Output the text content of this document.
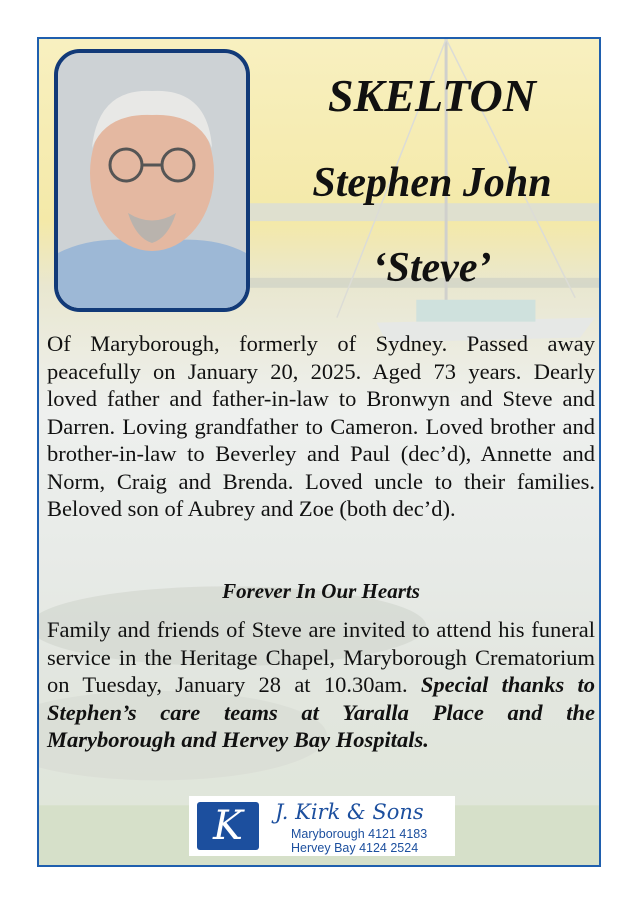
SKELTON
Stephen John
‘Steve’

Of Maryborough, formerly of Sydney. Passed away peacefully on January 20, 2025. Aged 73 years. Dearly loved father and father-in-law to Bronwyn and Steve and Darren. Loving grandfather to Cameron. Loved brother and brother-in-law to Beverley and Paul (dec’d), Annette and Norm, Craig and Brenda. Loved uncle to their families. Beloved son of Aubrey and Zoe (both dec’d).

Forever In Our Hearts

Family and friends of Steve are invited to attend his funeral service in the Heritage Chapel, Maryborough Crematorium on Tuesday, January 28 at 10.30am. Special thanks to Stephen’s care teams at Yaralla Place and the Maryborough and Hervey Bay Hospitals.

K	J. Kirk & Sons
Maryborough 4121 4183
Hervey Bay 4124 2524
